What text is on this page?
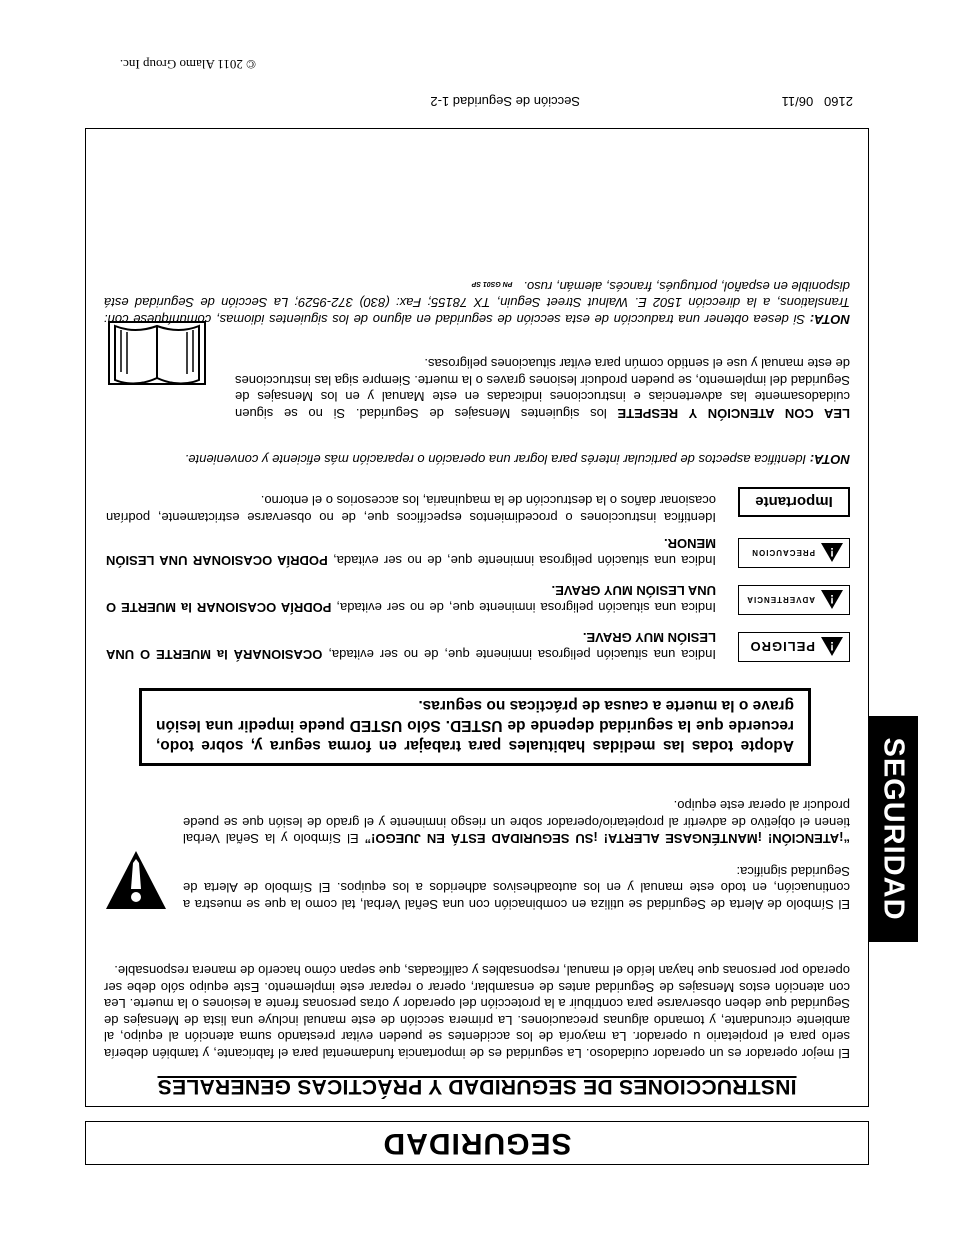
© 2011 Alamo Group Inc.
2160   06/11
Sección de Seguridad 1-2
SEGURIDAD
SEGURIDAD
INSTRUCCIONES DE SEGURIDAD Y PRÁCTICAS GENERALES
El mejor operador es un operador cuidadoso. La seguridad es de importancia fundamental para el fabricante, y también debería serlo para el propietario u operador. La mayoría de los accidentes se pueden evitar prestando suma atención al equipo, al ambiente circundante, y tomando algunas precauciones. La primera sección de este manual incluye una lista de Mensajes de Seguridad que deben observarse para contribuir a la protección del operador y otras personas frente a lesiones o la muerte. Lea con atención estos Mensajes de Seguridad antes de ensamblar, operar o reparar este implemento. Este equipo sólo debe ser operado por personas que hayan leído el manual, responsables y calificadas, que sepan cómo hacerlo de manera responsable.
El Símbolo de Alerta de Seguridad se utiliza en combinación con una Señal Verbal, tal como la que se muestra a continuación, en todo este manual y en los autoadhesivos adheridos a los equipos. El Símbolo de Alerta de Seguridad significa:
“¡ATENCIÓN! ¡MANTÉNGASE ALERTA! ¡SU SEGURIDAD ESTÁ EN JUEGO!” El Símbolo y la Señal Verbal tienen el objetivo de advertir al propietario/operador sobre un riesgo inminente y el grado de lesión que se puede producir al operar este equipo.
Adopte todas las medidas habituales para trabajar en forma segura y, sobre todo, recuerde que la seguridad depende de USTED. Sólo USTED puede impedir una lesión grave o la muerte a causa de prácticas no seguras.
!
PELIGRO
Indica una situación peligrosa inminente que, de no ser evitada, OCASIONARÁ la MUERTE O UNA LESIÓN MUY GRAVE.
!
ADVERTENCIA
Indica una situación peligrosa inminente que, de no ser evitada, PODRÍA OCASIONAR la MUERTE O UNA LESIÓN MUY GRAVE.
!
PRECAUCION
Indica una situación peligrosa inminente que, de no ser evitada, PODRÍA OCASIONAR UNA LESIÓN MENOR.
Importante
Identifica instrucciones o procedimientos específicos que, de no observarse estrictamente, podrían ocasionar daños o la destrucción de la maquinaria, los accesorios o el entorno.
NOTA: Identifica aspectos de particular interés para lograr una operación o reparación más eficiente y conveniente.
LEA CON ATENCIÓN Y RESPETE los siguientes Mensajes de Seguridad. Si no se siguen cuidadosamente las advertencias e instrucciones indicadas en este Manual y en los Mensajes de Seguridad del implemento, se pueden producir lesiones graves o la muerte. Siempre siga las instrucciones de este manual y use el sentido común para evitar situaciones peligrosas.
NOTA: Si desea obtener una traducción de esta sección de seguridad en alguno de los siguientes idiomas, comuníquese con: Translations, a la dirección 1502 E. Walnut Street Seguin, TX 78155; Fax: (830) 372-9529; La Sección de Seguridad está disponible en español, portugués, francés, alemán, ruso.   PN GS01 SP
